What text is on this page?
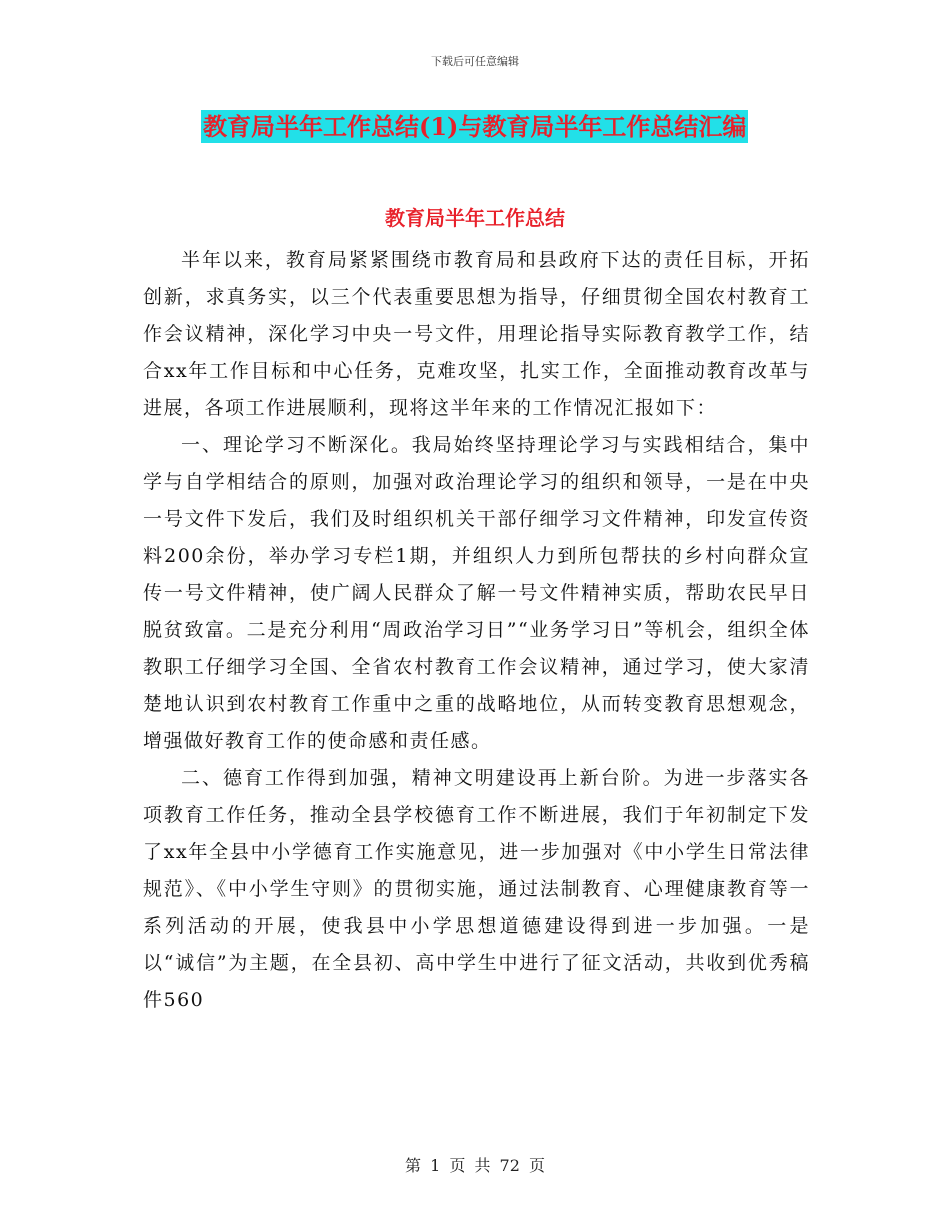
下载后可任意编辑
教育局半年工作总结(1)与教育局半年工作总结汇编
教育局半年工作总结

半年以来，教育局紧紧围绕市教育局和县政府下达的责任目标，开拓创新，求真务实，以三个代表重要思想为指导，仔细贯彻全国农村教育工作会议精神，深化学习中央一号文件，用理论指导实际教育教学工作，结合xx年工作目标和中心任务，克难攻坚，扎实工作，全面推动教育改革与进展，各项工作进展顺利，现将这半年来的工作情况汇报如下：

一、理论学习不断深化。我局始终坚持理论学习与实践相结合，集中学与自学相结合的原则，加强对政治理论学习的组织和领导，一是在中央一号文件下发后，我们及时组织机关干部仔细学习文件精神，印发宣传资料200余份，举办学习专栏1期，并组织人力到所包帮扶的乡村向群众宣传一号文件精神，使广阔人民群众了解一号文件精神实质，帮助农民早日脱贫致富。二是充分利用“周政治学习日”“业务学习日”等机会，组织全体教职工仔细学习全国、全省农村教育工作会议精神，通过学习，使大家清楚地认识到农村教育工作重中之重的战略地位，从而转变教育思想观念，增强做好教育工作的使命感和责任感。

二、德育工作得到加强，精神文明建设再上新台阶。为进一步落实各项教育工作任务，推动全县学校德育工作不断进展，我们于年初制定下发了xx年全县中小学德育工作实施意见，进一步加强对《中小学生日常法律规范》、《中小学生守则》的贯彻实施，通过法制教育、心理健康教育等一系列活动的开展，使我县中小学思想道德建设得到进一步加强。一是以“诚信”为主题，在全县初、高中学生中进行了征文活动，共收到优秀稿件560

第 1 页 共 72 页
